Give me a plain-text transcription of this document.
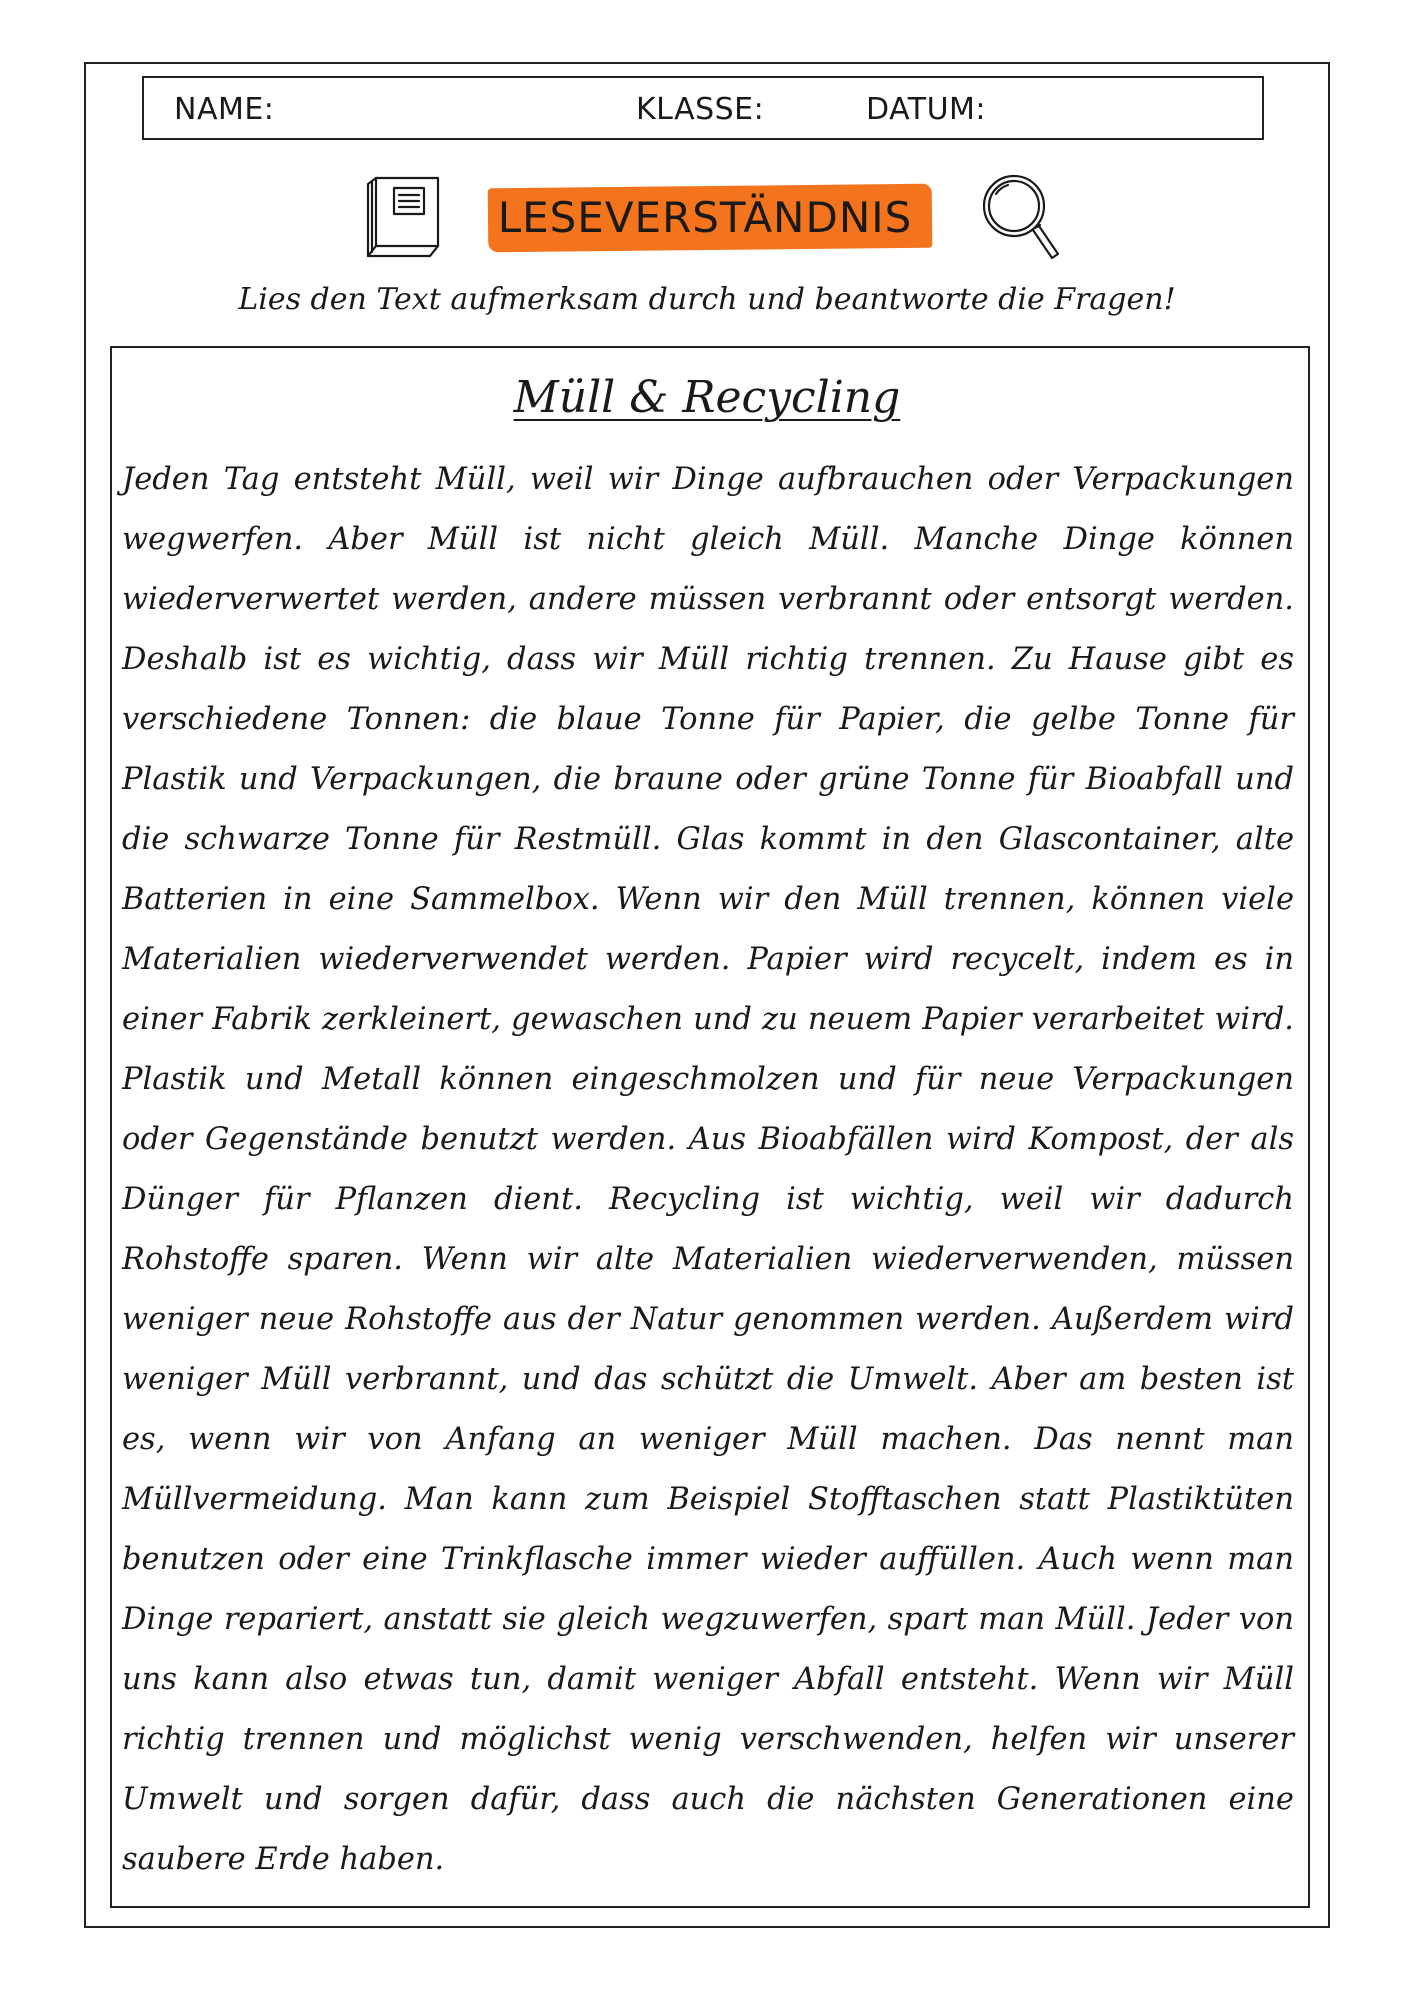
NAME:	KLASSE:	DATUM:
LESEVERSTÄNDNIS
Lies den Text aufmerksam durch und beantworte die Fragen!
Müll & Recycling

Jeden Tag entsteht Müll, weil wir Dinge aufbrauchen oder Verpackungen wegwerfen. Aber Müll ist nicht gleich Müll. Manche Dinge können wiederverwertet werden, andere müssen verbrannt oder entsorgt werden. Deshalb ist es wichtig, dass wir Müll richtig trennen. Zu Hause gibt es verschiedene Tonnen: die blaue Tonne für Papier, die gelbe Tonne für Plastik und Verpackungen, die braune oder grüne Tonne für Bioabfall und die schwarze Tonne für Restmüll. Glas kommt in den Glascontainer, alte Batterien in eine Sammelbox. Wenn wir den Müll trennen, können viele Materialien wiederverwendet werden. Papier wird recycelt, indem es in einer Fabrik zerkleinert, gewaschen und zu neuem Papier verarbeitet wird. Plastik und Metall können eingeschmolzen und für neue Verpackungen oder Gegenstände benutzt werden. Aus Bioabfällen wird Kompost, der als Dünger für Pflanzen dient. Recycling ist wichtig, weil wir dadurch Rohstoffe sparen. Wenn wir alte Materialien wiederverwenden, müssen weniger neue Rohstoffe aus der Natur genommen werden. Außerdem wird weniger Müll verbrannt, und das schützt die Umwelt. Aber am besten ist es, wenn wir von Anfang an weniger Müll machen. Das nennt man Müllvermeidung. Man kann zum Beispiel Stofftaschen statt Plastiktüten benutzen oder eine Trinkflasche immer wieder auffüllen. Auch wenn man Dinge repariert, anstatt sie gleich wegzuwerfen, spart man Müll. Jeder von uns kann also etwas tun, damit weniger Abfall entsteht. Wenn wir Müll richtig trennen und möglichst wenig verschwenden, helfen wir unserer Umwelt und sorgen dafür, dass auch die nächsten Generationen eine saubere Erde haben.
